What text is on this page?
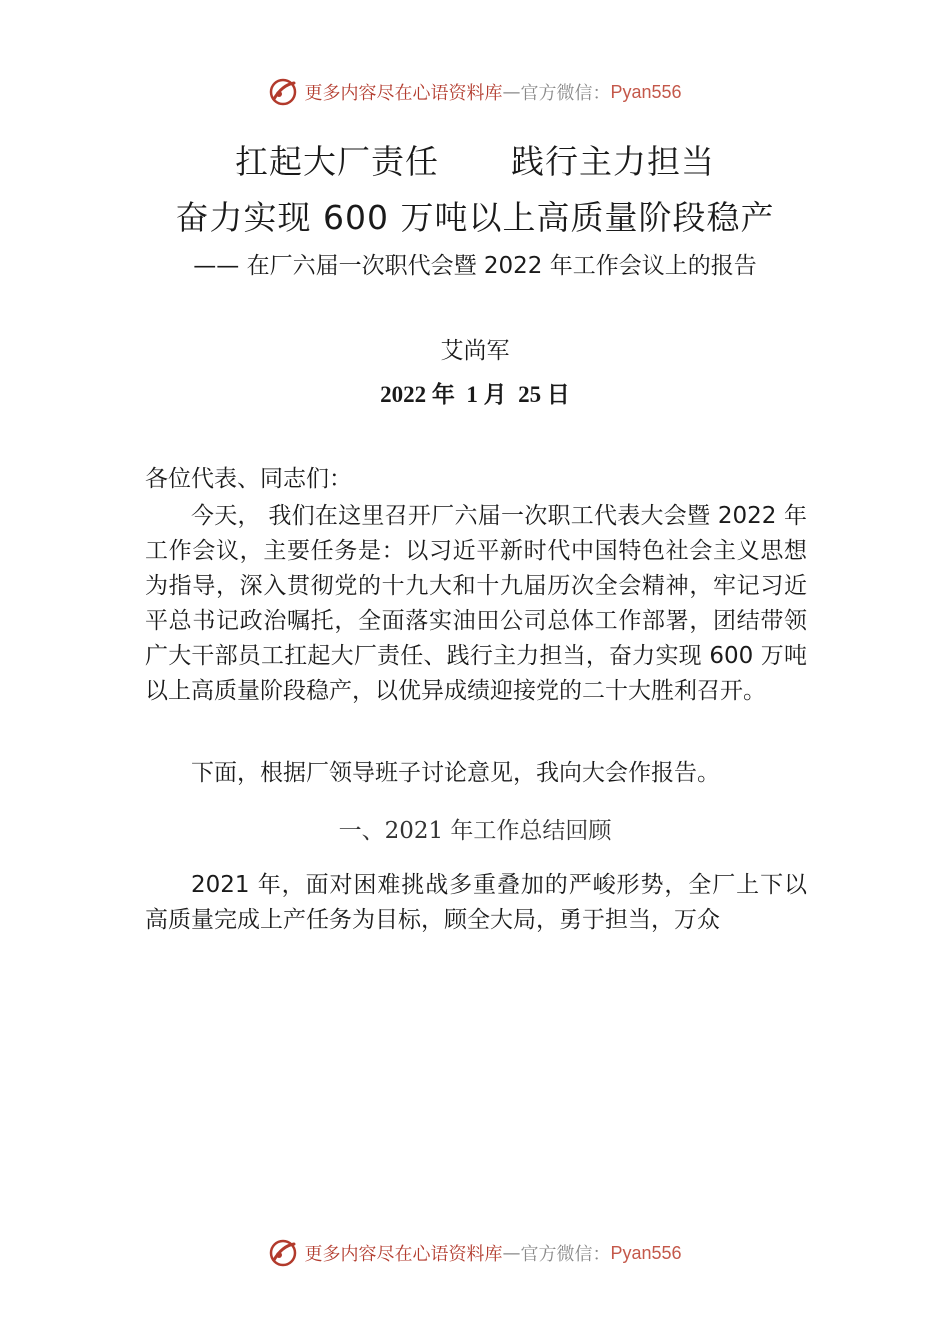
更多内容尽在心语资料库 — 官方微信： Pyan556
扛起大厂责任 践行主力担当
奋力实现 600 万吨以上高质量阶段稳产
—— 在厂六届一次职代会暨 2022 年工作会议上的报告
艾尚军
2022 年 1 月 25 日
各位代表、同志们：
今天， 我们在这里召开厂六届一次职工代表大会暨 2022 年工作会议，主要任务是：以习近平新时代中国特色社会主义思想为指导，深入贯彻党的十九大和十九届历次全会精神，牢记习近平总书记政治嘱托，全面落实油田公司总体工作部署，团结带领广大干部员工扛起大厂责任、践行主力担当，奋力实现 600 万吨以上高质量阶段稳产，以优异成绩迎接党的二十大胜利召开。
下面，根据厂领导班子讨论意见，我向大会作报告。
一、2021 年工作总结回顾
2021 年，面对困难挑战多重叠加的严峻形势，全厂上下以高质量完成上产任务为目标，顾全大局，勇于担当，万众
更多内容尽在心语资料库 — 官方微信： Pyan556
